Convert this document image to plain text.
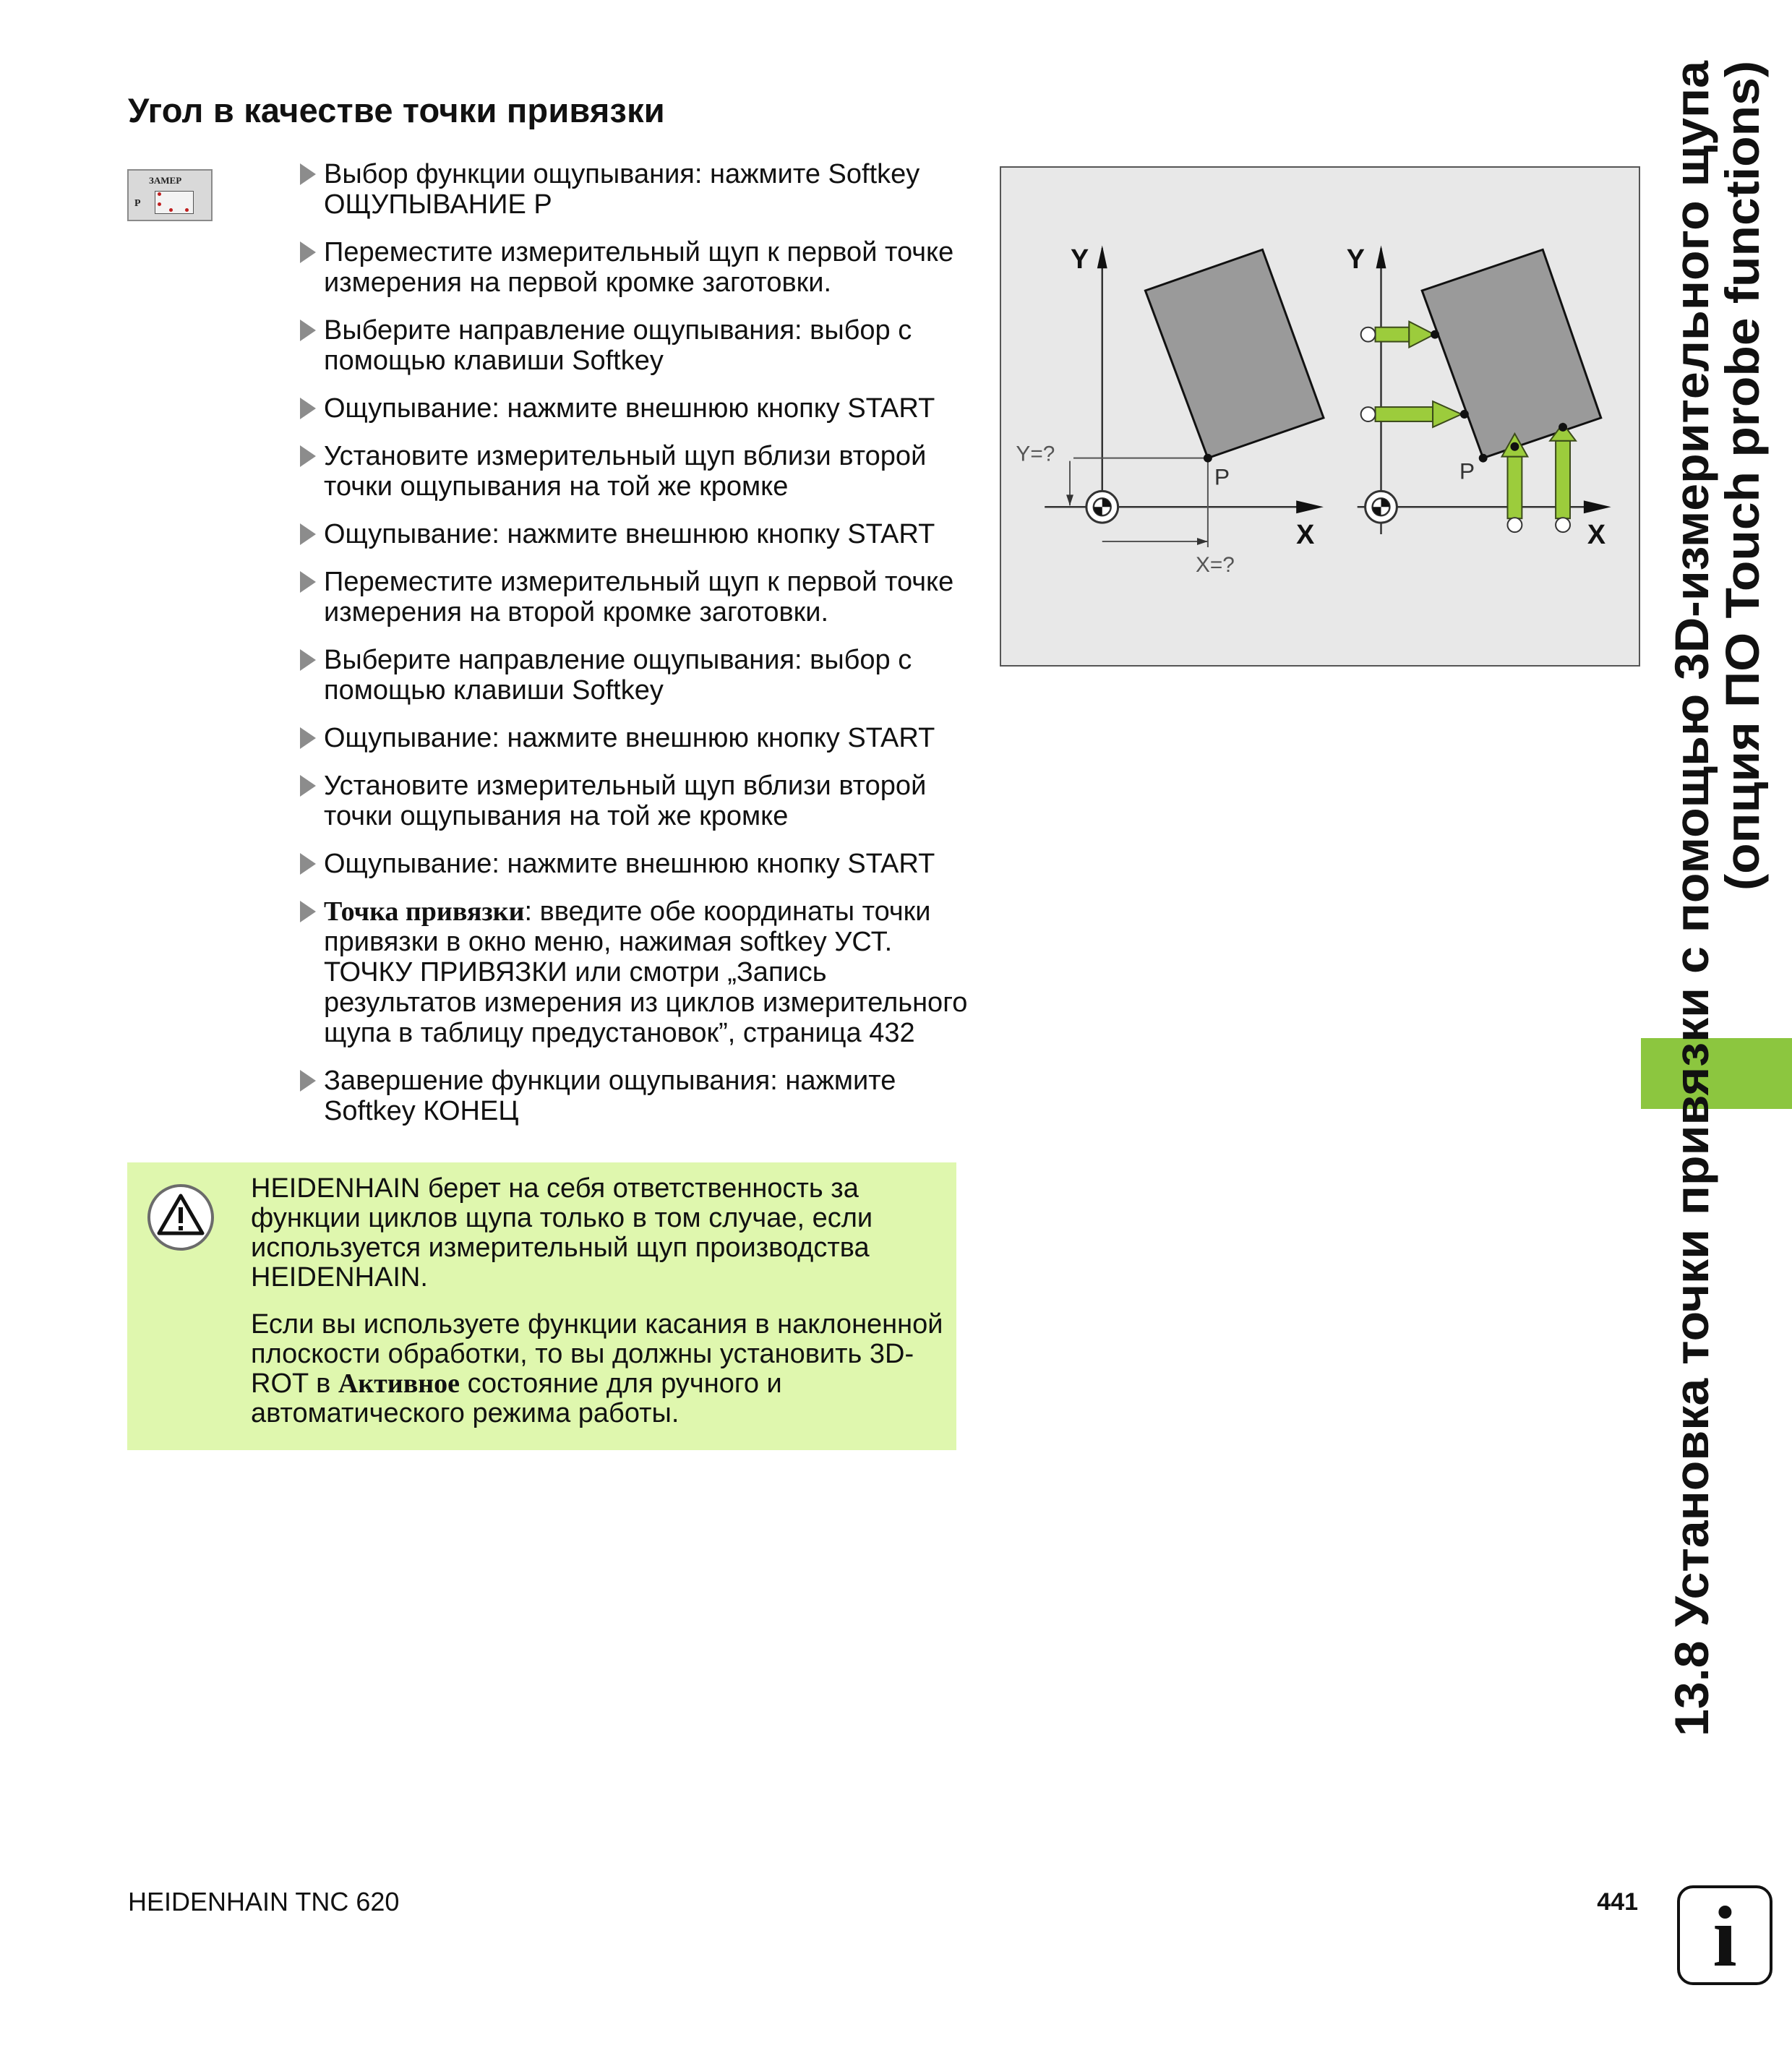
Угол в качестве точки привязки
ЗАМЕР
P
Выбор функции ощупывания: нажмите Softkey
ОЩУПЫВАНИЕ P
Переместите измерительный щуп к первой точке
измерения на первой кромке заготовки.
Выберите направление ощупывания: выбор с
помощью клавиши Softkey
Ощупывание: нажмите внешнюю кнопку START
Установите измерительный щуп вблизи второй
точки ощупывания на той же кромке
Ощупывание: нажмите внешнюю кнопку START
Переместите измерительный щуп к первой точке
измерения на второй кромке заготовки.
Выберите направление ощупывания: выбор с
помощью клавиши Softkey
Ощупывание: нажмите внешнюю кнопку START
Установите измерительный щуп вблизи второй
точки ощупывания на той же кромке
Ощупывание: нажмите внешнюю кнопку START
Точка привязки: введите обе координаты точки
привязки в окно меню, нажимая softkey УСТ.
ТОЧКУ ПРИВЯЗКИ или смотри „Запись
результатов измерения из циклов измерительного
щупа в таблицу предустановок”, страница 432
Завершение функции ощупывания: нажмите
Softkey КОНЕЦ

HEIDENHAIN берет на себя ответственность за
функции циклов щупа только в том случае, если
используется измерительный щуп производства
HEIDENHAIN.

Если вы используете функции касания в наклоненной
плоскости обработки, то вы должны установить 3D-
ROT в Активное состояние для ручного и
автоматического режима работы.

Y
X
P
Y=?
X=?
Y
X
P	13.8 Установка точки привязки с помощью 3D-измерительного щупа
(опция ПО Touch probe functions)
HEIDENHAIN TNC 620	441 i
